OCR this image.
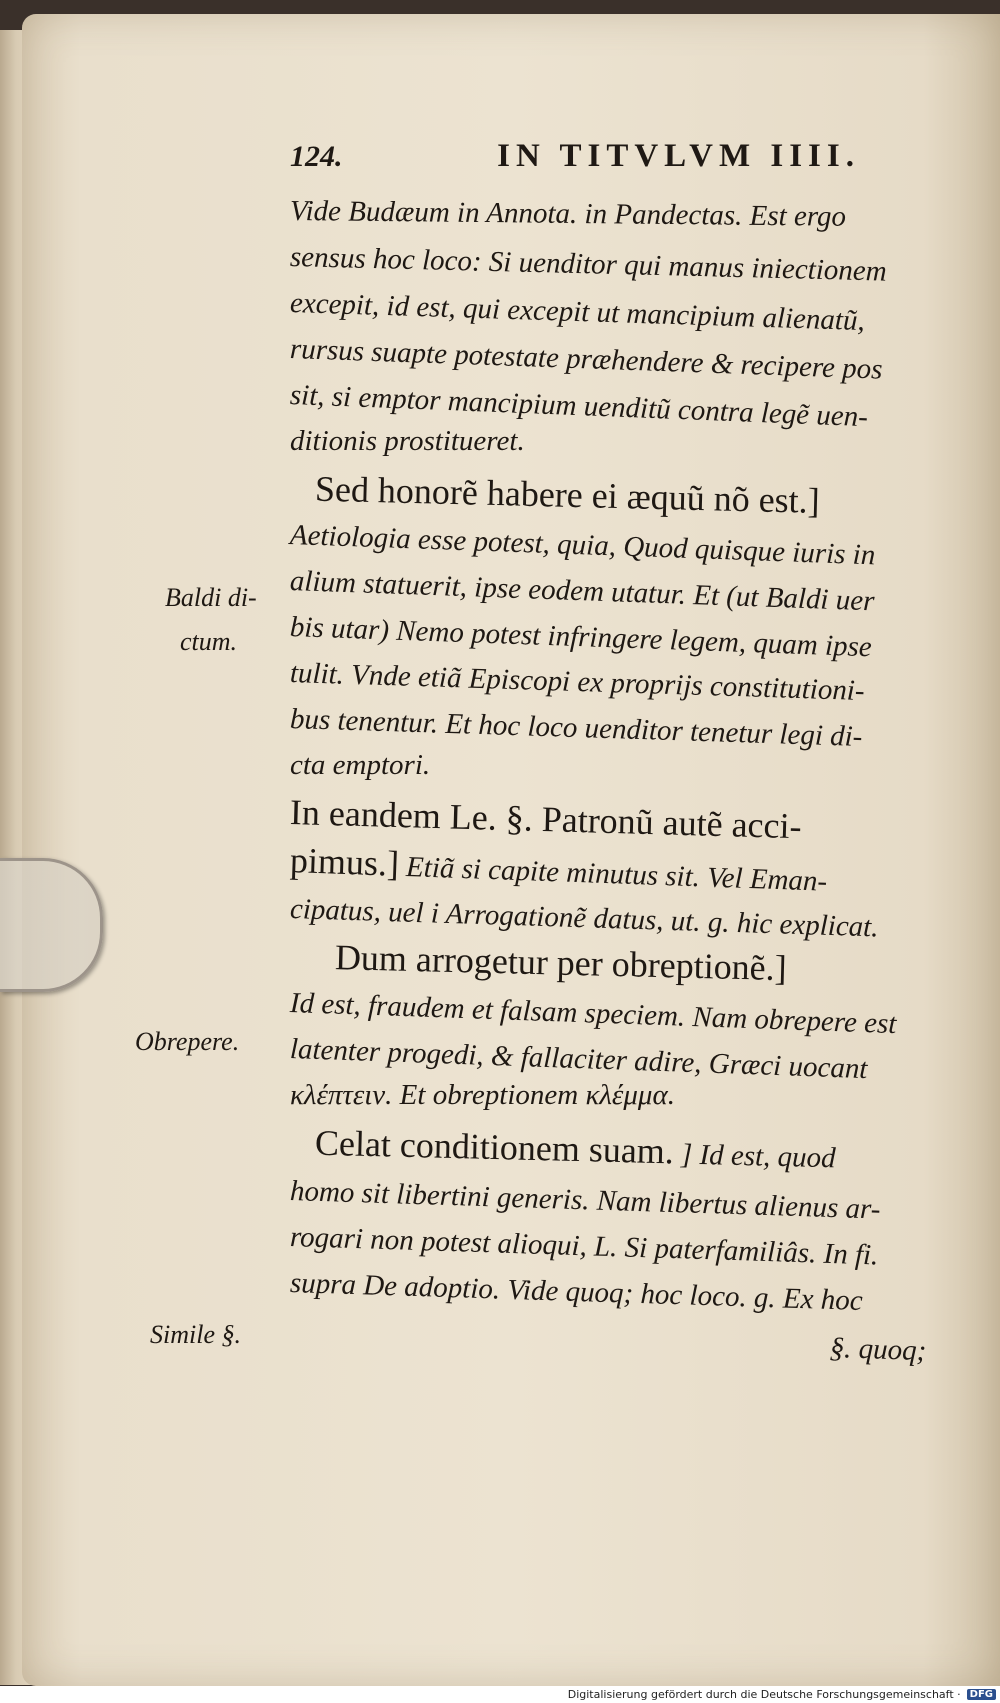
124.	IN TITVLVM IIII.
Vide Budæum in Annota. in Pandectas. Est ergo
sensus hoc loco: Si uenditor qui manus iniectionem
excepit, id est, qui excepit ut mancipium alienatũ,
rursus suapte potestate præhendere & recipere pos
sit, si emptor mancipium uenditũ contra legẽ uen-
ditionis prostitueret.
Sed honorẽ habere ei æquũ nõ est.]
Aetiologia esse potest, quia, Quod quisque iuris in
alium statuerit, ipse eodem utatur. Et (ut Baldi uer
bis utar) Nemo potest infringere legem, quam ipse
tulit. Vnde etiã Episcopi ex proprijs constitutioni-
bus tenentur. Et hoc loco uenditor tenetur legi di-
cta emptori.
In eandem Le. §. Patronũ autẽ acci-
pimus.] Etiã si capite minutus sit. Vel Eman-
cipatus, uel i Arrogationẽ datus, ut. g. hic explicat.
Dum arrogetur per obreptionẽ.]
Id est, fraudem et falsam speciem. Nam obrepere est
latenter progedi, & fallaciter adire, Græci uocant
κλέπτειν. Et obreptionem κλέμμα.
Celat conditionem suam. ] Id est, quod
homo sit libertini generis. Nam libertus alienus ar-
rogari non potest alioqui, L. Si paterfamiliâs. In fi.
supra De adoptio. Vide quoq; hoc loco. g. Ex hoc
§. quoq;
Baldi di-
ctum.
Obrepere.
Simile §.
Digitalisierung gefördert durch die Deutsche Forschungsgemeinschaft · DFG
